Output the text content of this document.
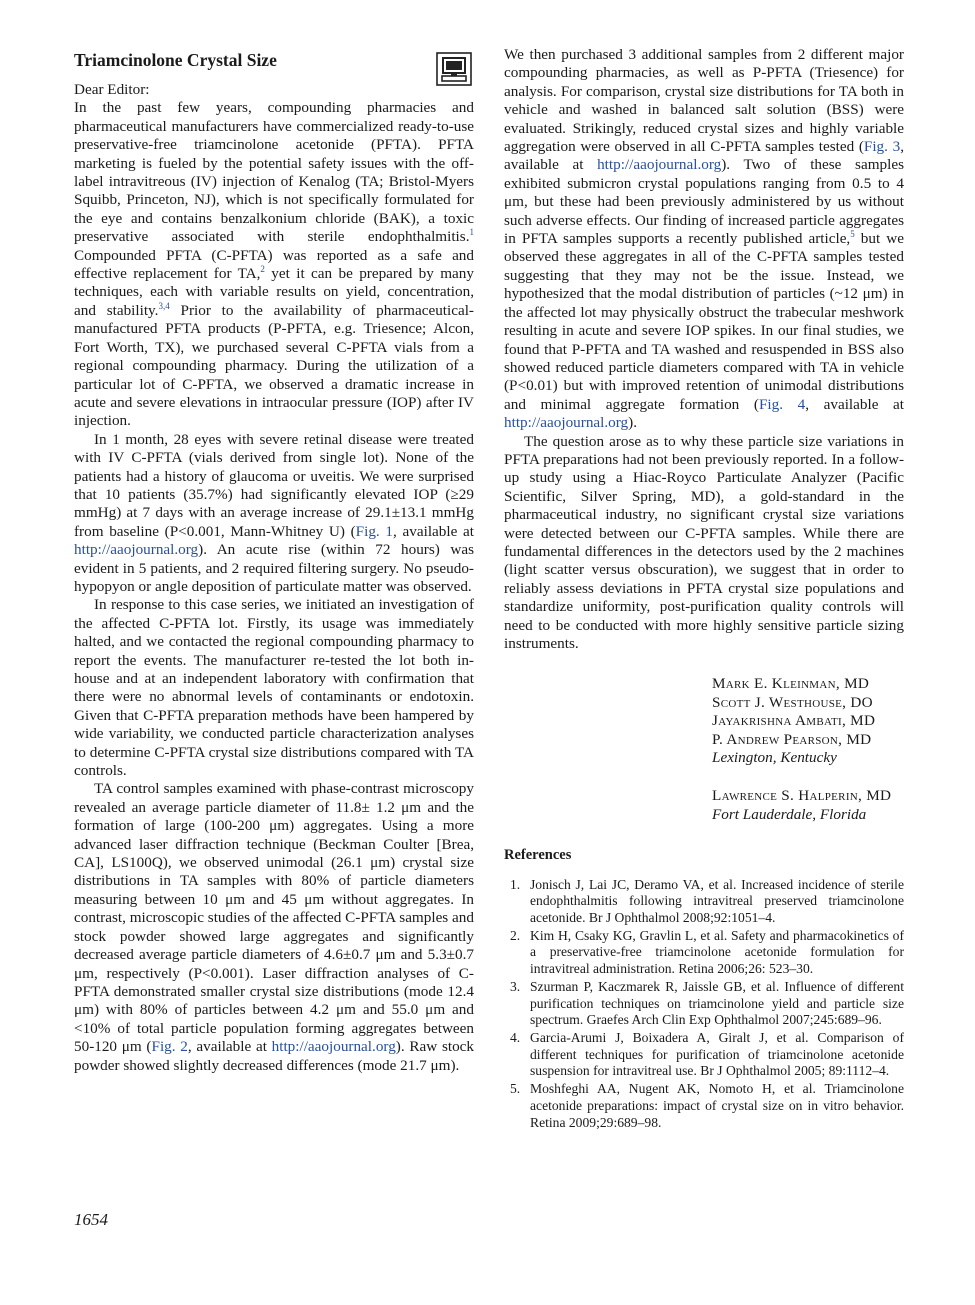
Triamcinolone Crystal Size

Dear Editor:

In the past few years, compounding pharmacies and pharmaceutical manufacturers have commercialized ready-to-use preservative-free triamcinolone acetonide (PFTA). PFTA marketing is fueled by the potential safety issues with the off-label intravitreous (IV) injection of Kenalog (TA; Bristol-Myers Squibb, Princeton, NJ), which is not specifically formulated for the eye and contains benzalkonium chloride (BAK), a toxic preservative associated with sterile endophthalmitis.$^1$ Compounded PFTA (C-PFTA) was reported as a safe and effective replacement for TA,$^2$ yet it can be prepared by many techniques, each with variable results on yield, concentration, and stability.$^{3,4}$ Prior to the availability of pharmaceutical-manufactured PFTA products (P-PFTA, e.g. Triesence; Alcon, Fort Worth, TX), we purchased several C-PFTA vials from a regional compounding pharmacy. During the utilization of a particular lot of C-PFTA, we observed a dramatic increase in acute and severe elevations in intraocular pressure (IOP) after IV injection.

In 1 month, 28 eyes with severe retinal disease were treated with IV C-PFTA (vials derived from single lot). None of the patients had a history of glaucoma or uveitis. We were surprised that 10 patients (35.7%) had significantly elevated IOP (≥29 mmHg) at 7 days with an average increase of 29.1±13.1 mmHg from baseline (P<0.001, Mann-Whitney U) (Fig. 1, available at http://aaojournal.org). An acute rise (within 72 hours) was evident in 5 patients, and 2 required filtering surgery. No pseudo-hypopyon or angle deposition of particulate matter was observed.

In response to this case series, we initiated an investigation of the affected C-PFTA lot. Firstly, its usage was immediately halted, and we contacted the regional compounding pharmacy to report the events. The manufacturer re-tested the lot both in-house and at an independent laboratory with confirmation that there were no abnormal levels of contaminants or endotoxin. Given that C-PFTA preparation methods have been hampered by wide variability, we conducted particle characterization analyses to determine C-PFTA crystal size distributions compared with TA controls.

TA control samples examined with phase-contrast microscopy revealed an average particle diameter of 11.8± 1.2 μm and the formation of large (100-200 μm) aggregates. Using a more advanced laser diffraction technique (Beckman Coulter [Brea, CA], LS100Q), we observed unimodal (26.1 μm) crystal size distributions in TA samples with 80% of particle diameters measuring between 10 μm and 45 μm without aggregates. In contrast, microscopic studies of the affected C-PFTA samples and stock powder showed large aggregates and significantly decreased average particle diameters of 4.6±0.7 μm and 5.3±0.7 μm, respectively (P<0.001). Laser diffraction analyses of C-PFTA demonstrated smaller crystal size distributions (mode 12.4 μm) with 80% of particles between 4.2 μm and 55.0 μm and <10% of total particle population forming aggregates between 50-120 μm (Fig. 2, available at http://aaojournal.org). Raw stock powder showed slightly decreased differences (mode 21.7 μm).

We then purchased 3 additional samples from 2 different major compounding pharmacies, as well as P-PFTA (Triesence) for analysis. For comparison, crystal size distributions for TA both in vehicle and washed in balanced salt solution (BSS) were evaluated. Strikingly, reduced crystal sizes and highly variable aggregation were observed in all C-PFTA samples tested (Fig. 3, available at http://aaojournal.org). Two of these samples exhibited submicron crystal populations ranging from 0.5 to 4 μm, but these had been previously administered by us without such adverse effects. Our finding of increased particle aggregates in PFTA samples supports a recently published article,$^5$ but we observed these aggregates in all of the C-PFTA samples tested suggesting that they may not be the issue. Instead, we hypothesized that the modal distribution of particles (~12 μm) in the affected lot may physically obstruct the trabecular meshwork resulting in acute and severe IOP spikes. In our final studies, we found that P-PFTA and TA washed and resuspended in BSS also showed reduced particle diameters compared with TA in vehicle (P<0.01) but with improved retention of unimodal distributions and minimal aggregate formation (Fig. 4, available at http://aaojournal.org).

The question arose as to why these particle size variations in PFTA preparations had not been previously reported. In a follow-up study using a Hiac-Royco Particulate Analyzer (Pacific Scientific, Silver Spring, MD), a gold-standard in the pharmaceutical industry, no significant crystal size variations were detected between our C-PFTA samples. While there are fundamental differences in the detectors used by the 2 machines (light scatter versus obscuration), we suggest that in order to reliably assess deviations in PFTA crystal size populations and standardize uniformity, post-purification quality controls will need to be conducted with more highly sensitive particle sizing instruments.

Mark E. Kleinman, MD
Scott J. Westhouse, DO
Jayakrishna Ambati, MD
P. Andrew Pearson, MD
Lexington, Kentucky
Lawrence S. Halperin, MD
Fort Lauderdale, Florida
References
1. Jonisch J, Lai JC, Deramo VA, et al. Increased incidence of sterile endophthalmitis following intravitreal preserved triamcinolone acetonide. Br J Ophthalmol 2008;92:1051–4.
2. Kim H, Csaky KG, Gravlin L, et al. Safety and pharmacokinetics of a preservative-free triamcinolone acetonide formulation for intravitreal administration. Retina 2006;26: 523–30.
3. Szurman P, Kaczmarek R, Jaissle GB, et al. Influence of different purification techniques on triamcinolone yield and particle size spectrum. Graefes Arch Clin Exp Ophthalmol 2007;245:689–96.
4. Garcia-Arumi J, Boixadera A, Giralt J, et al. Comparison of different techniques for purification of triamcinolone acetonide suspension for intravitreal use. Br J Ophthalmol 2005; 89:1112–4.
5. Moshfeghi AA, Nugent AK, Nomoto H, et al. Triamcinolone acetonide preparations: impact of crystal size on in vitro behavior. Retina 2009;29:689–98.
1654
